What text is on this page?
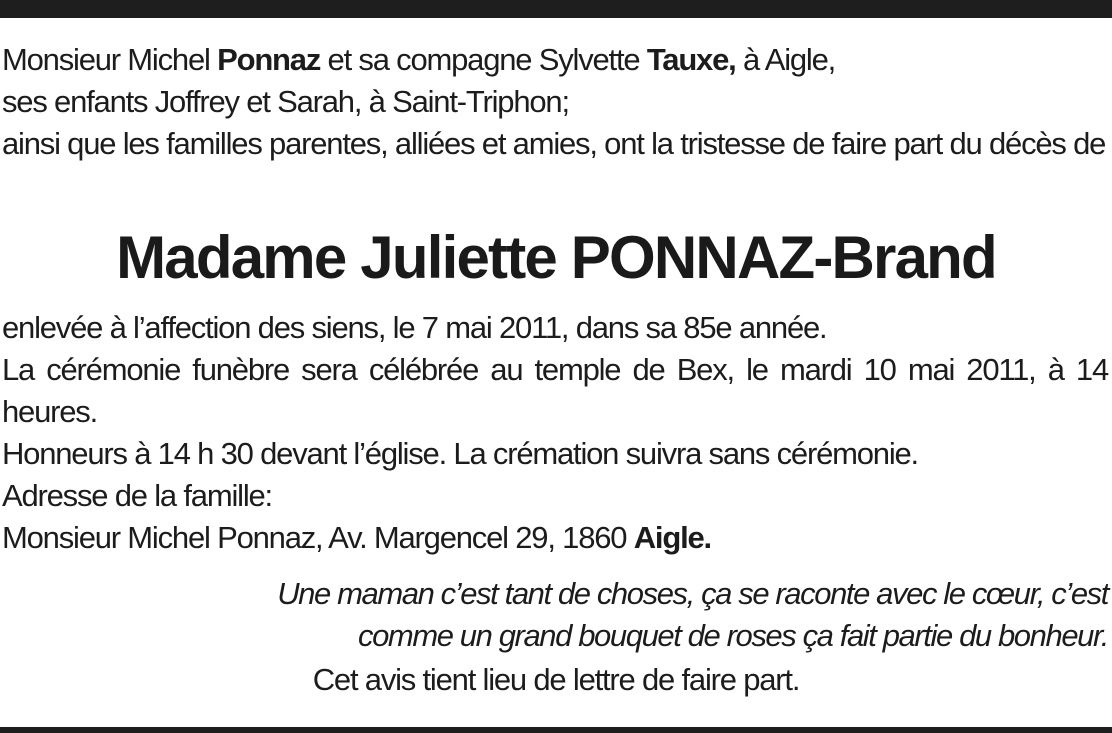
Monsieur Michel Ponnaz et sa compagne Sylvette Tauxe, à Aigle,

ses enfants Joffrey et Sarah, à Saint-Triphon;

ainsi que les familles parentes, alliées et amies, ont la tristesse de faire part du décès de

Madame Juliette PONNAZ-Brand

enlevée à l’affection des siens, le 7 mai 2011, dans sa 85e année.

La cérémonie funèbre sera célébrée au temple de Bex, le mardi 10 mai 2011, à 14 heures.

Honneurs à 14 h 30 devant l’église. La crémation suivra sans cérémonie.

Adresse de la famille:

Monsieur Michel Ponnaz, Av. Margencel 29, 1860 Aigle.

Une maman c’est tant de choses, ça se raconte avec le cœur, c’est
comme un grand bouquet de roses ça fait partie du bonheur.

Cet avis tient lieu de lettre de faire part.
